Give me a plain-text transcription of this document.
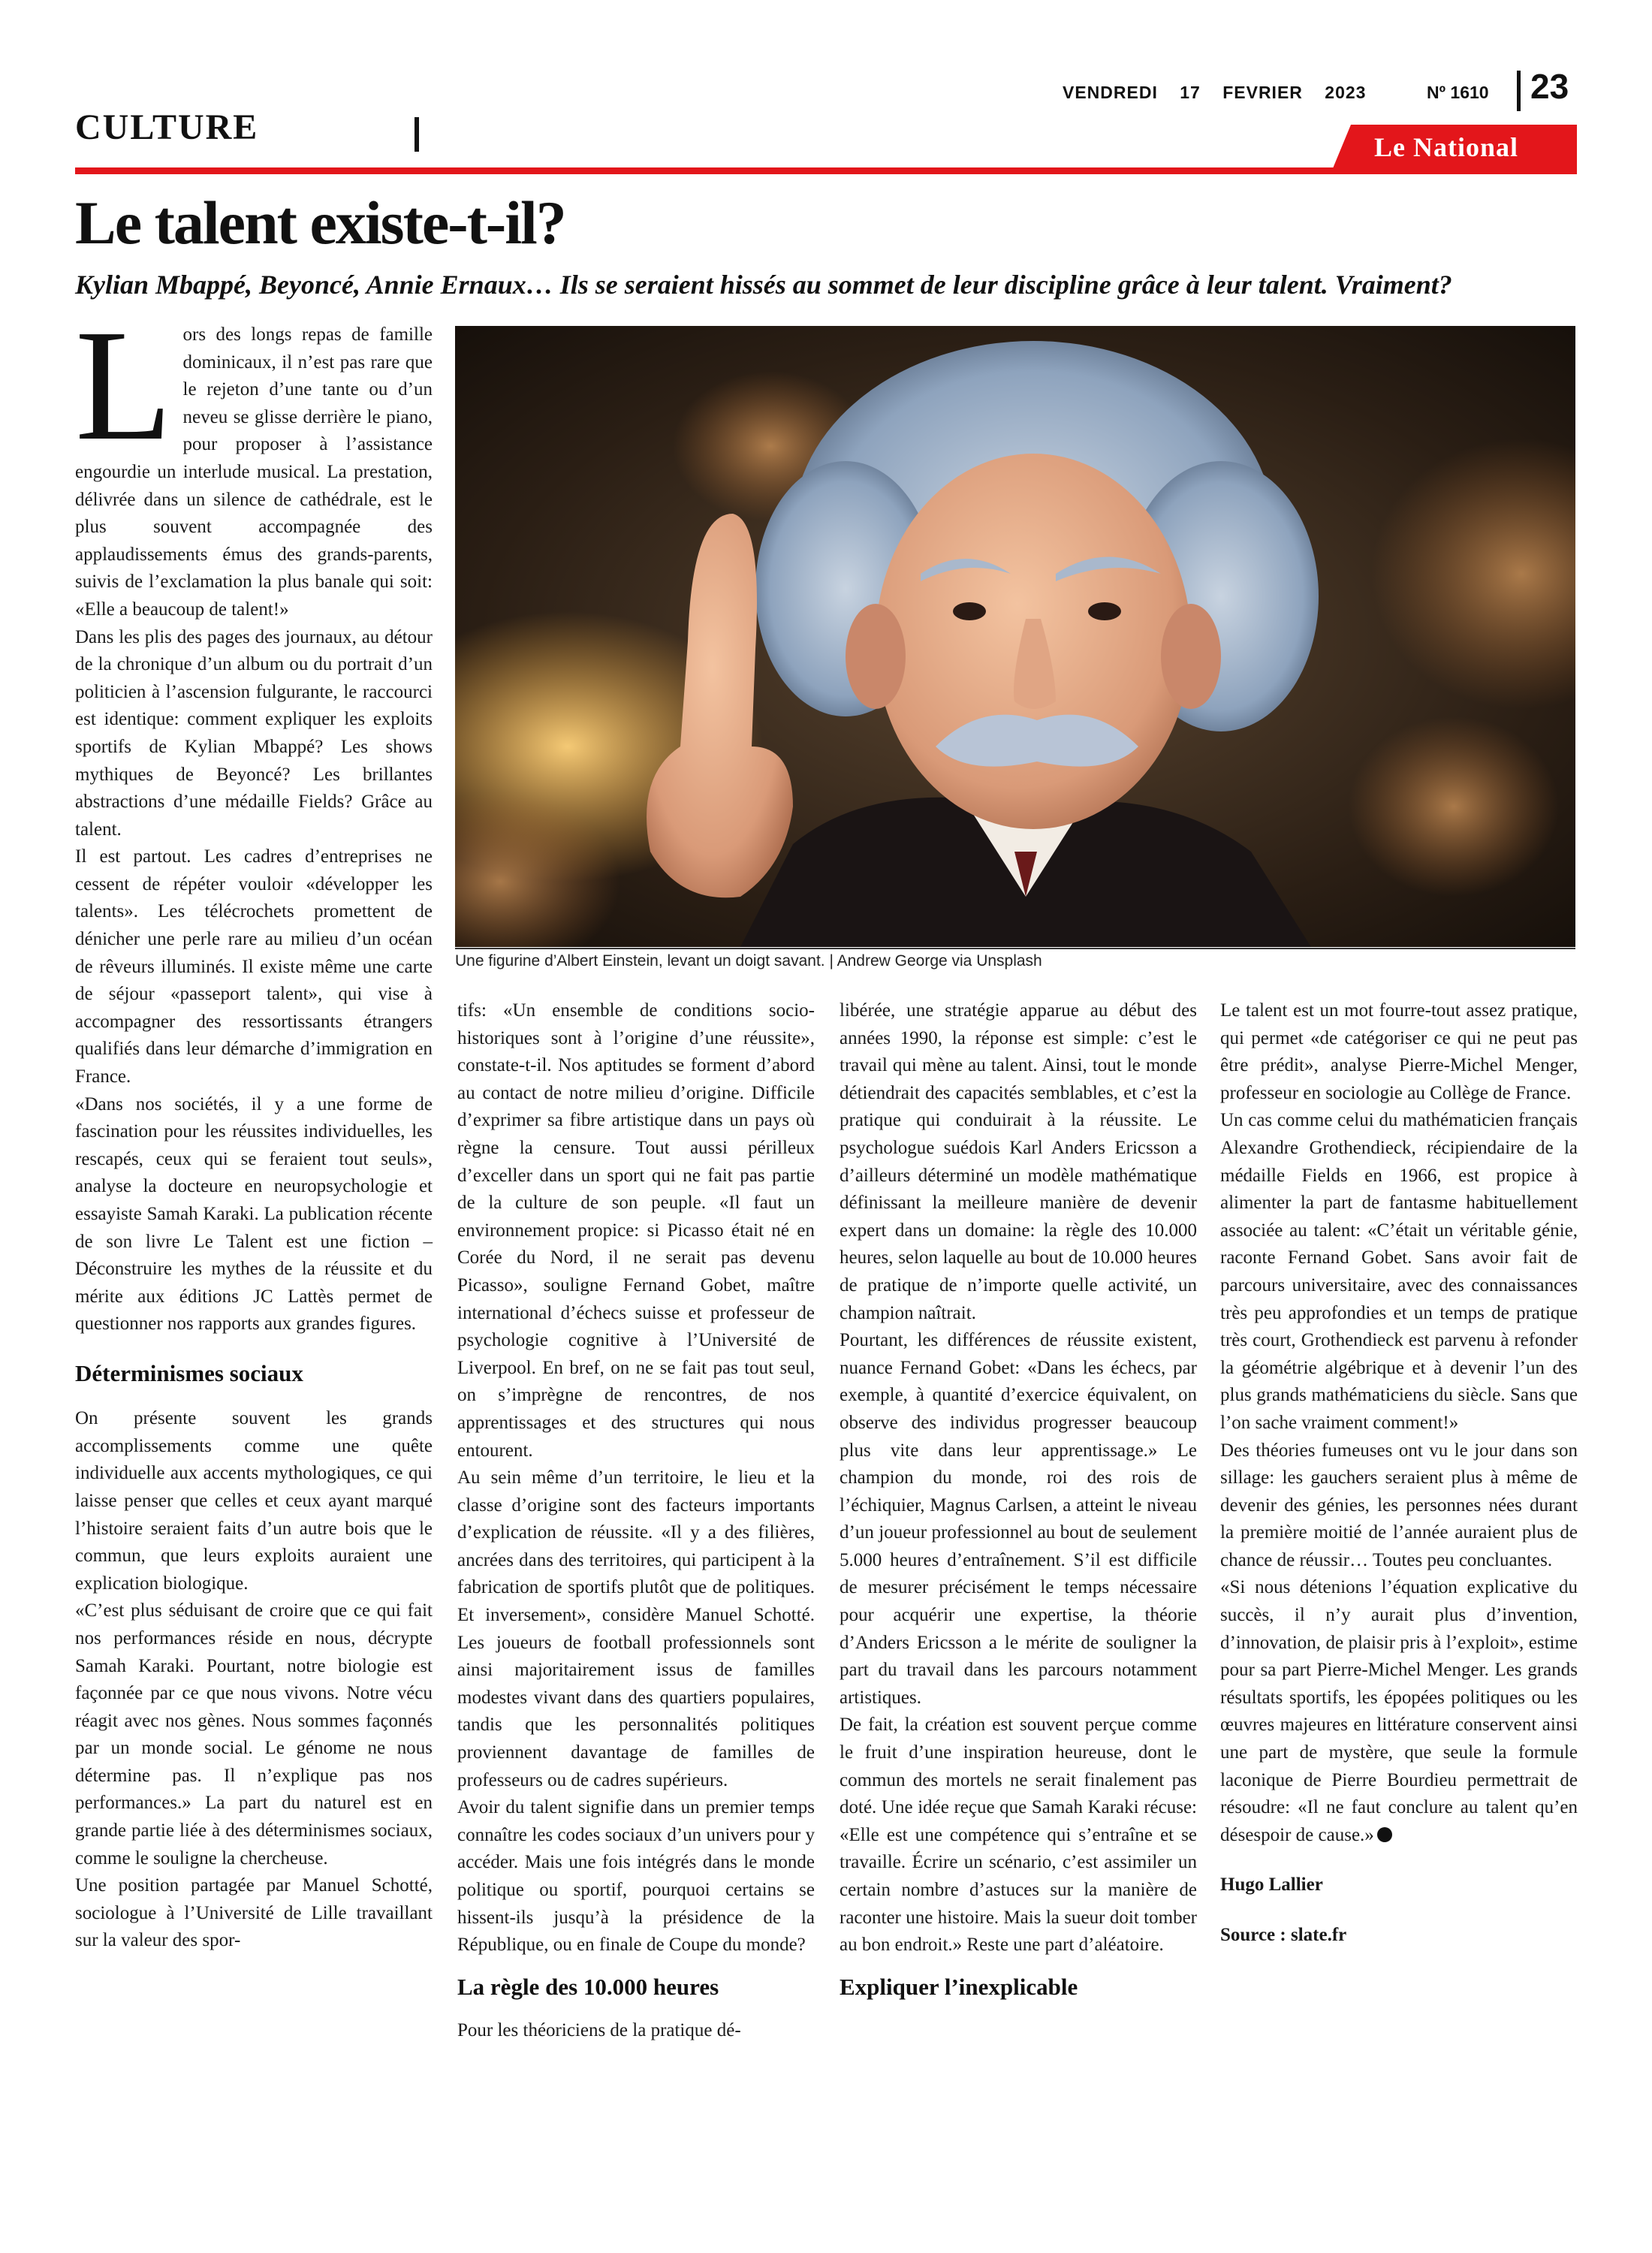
VENDREDI 17 FEVRIER 2023	Nº 1610 23
CULTURE	Le National
Le talent existe-t-il?
Kylian Mbappé, Beyoncé, Annie Ernaux… Ils se seraient hissés au sommet de leur discipline grâce à leur talent. Vraiment?
Une figurine d’Albert Einstein, levant un doigt savant. | Andrew George via Unsplash

Lors des longs repas de famille dominicaux, il n’est pas rare que le rejeton d’une tante ou d’un neveu se glisse derrière le piano, pour proposer à l’assistance engourdie un interlude musical. La prestation, délivrée dans un silence de cathédrale, est le plus souvent accompagnée des applaudissements émus des grands-parents, suivis de l’exclamation la plus banale qui soit: «Elle a beaucoup de talent!»

Dans les plis des pages des journaux, au détour de la chronique d’un album ou du portrait d’un politicien à l’ascension fulgurante, le raccourci est identique: comment expliquer les exploits sportifs de Kylian Mbappé? Les shows mythiques de Beyoncé? Les brillantes abstractions d’une médaille Fields? Grâce au talent.

Il est partout. Les cadres d’entreprises ne cessent de répéter vouloir «développer les talents». Les télécrochets promettent de dénicher une perle rare au milieu d’un océan de rêveurs illuminés. Il existe même une carte de séjour «passeport talent», qui vise à accompagner des ressortissants étrangers qualifiés dans leur démarche d’immigration en France.

«Dans nos sociétés, il y a une forme de fascination pour les réussites individuelles, les rescapés, ceux qui se feraient tout seuls», analyse la docteure en neuropsychologie et essayiste Samah Karaki. La publication récente de son livre Le Talent est une fiction – Déconstruire les mythes de la réussite et du mérite aux éditions JC Lattès permet de questionner nos rapports aux grandes figures.

Déterminismes sociaux

On présente souvent les grands accomplissements comme une quête individuelle aux accents mythologiques, ce qui laisse penser que celles et ceux ayant marqué l’histoire seraient faits d’un autre bois que le commun, que leurs exploits auraient une explication biologique.

«C’est plus séduisant de croire que ce qui fait nos performances réside en nous, décrypte Samah Karaki. Pourtant, notre biologie est façonnée par ce que nous vivons. Notre vécu réagit avec nos gènes. Nous sommes façonnés par un monde social. Le génome ne nous détermine pas. Il n’explique pas nos performances.» La part du naturel est en grande partie liée à des déterminismes sociaux, comme le souligne la chercheuse.

Une position partagée par Manuel Schotté, sociologue à l’Université de Lille travaillant sur la valeur des spor-

tifs: «Un ensemble de conditions socio-historiques sont à l’origine d’une réussite», constate-t-il. Nos aptitudes se forment d’abord au contact de notre milieu d’origine. Difficile d’exprimer sa fibre artistique dans un pays où règne la censure. Tout aussi périlleux d’exceller dans un sport qui ne fait pas partie de la culture de son peuple. «Il faut un environnement propice: si Picasso était né en Corée du Nord, il ne serait pas devenu Picasso», souligne Fernand Gobet, maître international d’échecs suisse et professeur de psychologie cognitive à l’Université de Liverpool. En bref, on ne se fait pas tout seul, on s’imprègne de rencontres, de nos apprentissages et des structures qui nous entourent.

Au sein même d’un territoire, le lieu et la classe d’origine sont des facteurs importants d’explication de réussite. «Il y a des filières, ancrées dans des territoires, qui participent à la fabrication de sportifs plutôt que de politiques. Et inversement», considère Manuel Schotté. Les joueurs de football professionnels sont ainsi majoritairement issus de familles modestes vivant dans des quartiers populaires, tandis que les personnalités politiques proviennent davantage de familles de professeurs ou de cadres supérieurs.

Avoir du talent signifie dans un premier temps connaître les codes sociaux d’un univers pour y accéder. Mais une fois intégrés dans le monde politique ou sportif, pourquoi certains se hissent-ils jusqu’à la présidence de la République, ou en finale de Coupe du monde?

La règle des 10.000 heures

Pour les théoriciens de la pratique dé-

libérée, une stratégie apparue au début des années 1990, la réponse est simple: c’est le travail qui mène au talent. Ainsi, tout le monde détiendrait des capacités semblables, et c’est la pratique qui conduirait à la réussite. Le psychologue suédois Karl Anders Ericsson a d’ailleurs déterminé un modèle mathématique définissant la meilleure manière de devenir expert dans un domaine: la règle des 10.000 heures, selon laquelle au bout de 10.000 heures de pratique de n’importe quelle activité, un champion naîtrait.

Pourtant, les différences de réussite existent, nuance Fernand Gobet: «Dans les échecs, par exemple, à quantité d’exercice équivalent, on observe des individus progresser beaucoup plus vite dans leur apprentissage.» Le champion du monde, roi des rois de l’échiquier, Magnus Carlsen, a atteint le niveau d’un joueur professionnel au bout de seulement 5.000 heures d’entraînement. S’il est difficile de mesurer précisément le temps nécessaire pour acquérir une expertise, la théorie d’Anders Ericsson a le mérite de souligner la part du travail dans les parcours notamment artistiques.

De fait, la création est souvent perçue comme le fruit d’une inspiration heureuse, dont le commun des mortels ne serait finalement pas doté. Une idée reçue que Samah Karaki récuse: «Elle est une compétence qui s’entraîne et se travaille. Écrire un scénario, c’est assimiler un certain nombre d’astuces sur la manière de raconter une histoire. Mais la sueur doit tomber au bon endroit.» Reste une part d’aléatoire.

Expliquer l’inexplicable

Le talent est un mot fourre-tout assez pratique, qui permet «de catégoriser ce qui ne peut pas être prédit», analyse Pierre-Michel Menger, professeur en sociologie au Collège de France.

Un cas comme celui du mathématicien français Alexandre Grothendieck, récipiendaire de la médaille Fields en 1966, est propice à alimenter la part de fantasme habituellement associée au talent: «C’était un véritable génie, raconte Fernand Gobet. Sans avoir fait de parcours universitaire, avec des connaissances très peu approfondies et un temps de pratique très court, Grothendieck est parvenu à refonder la géométrie algébrique et à devenir l’un des plus grands mathématiciens du siècle. Sans que l’on sache vraiment comment!»

Des théories fumeuses ont vu le jour dans son sillage: les gauchers seraient plus à même de devenir des génies, les personnes nées durant la première moitié de l’année auraient plus de chance de réussir… Toutes peu concluantes.

«Si nous détenions l’équation explicative du succès, il n’y aurait plus d’invention, d’innovation, de plaisir pris à l’exploit», estime pour sa part Pierre-Michel Menger. Les grands résultats sportifs, les épopées politiques ou les œuvres majeures en littérature conservent ainsi une part de mystère, que seule la formule laconique de Pierre Bourdieu permettrait de résoudre: «Il ne faut conclure au talent qu’en désespoir de cause.»

Hugo Lallier

Source : slate.fr
